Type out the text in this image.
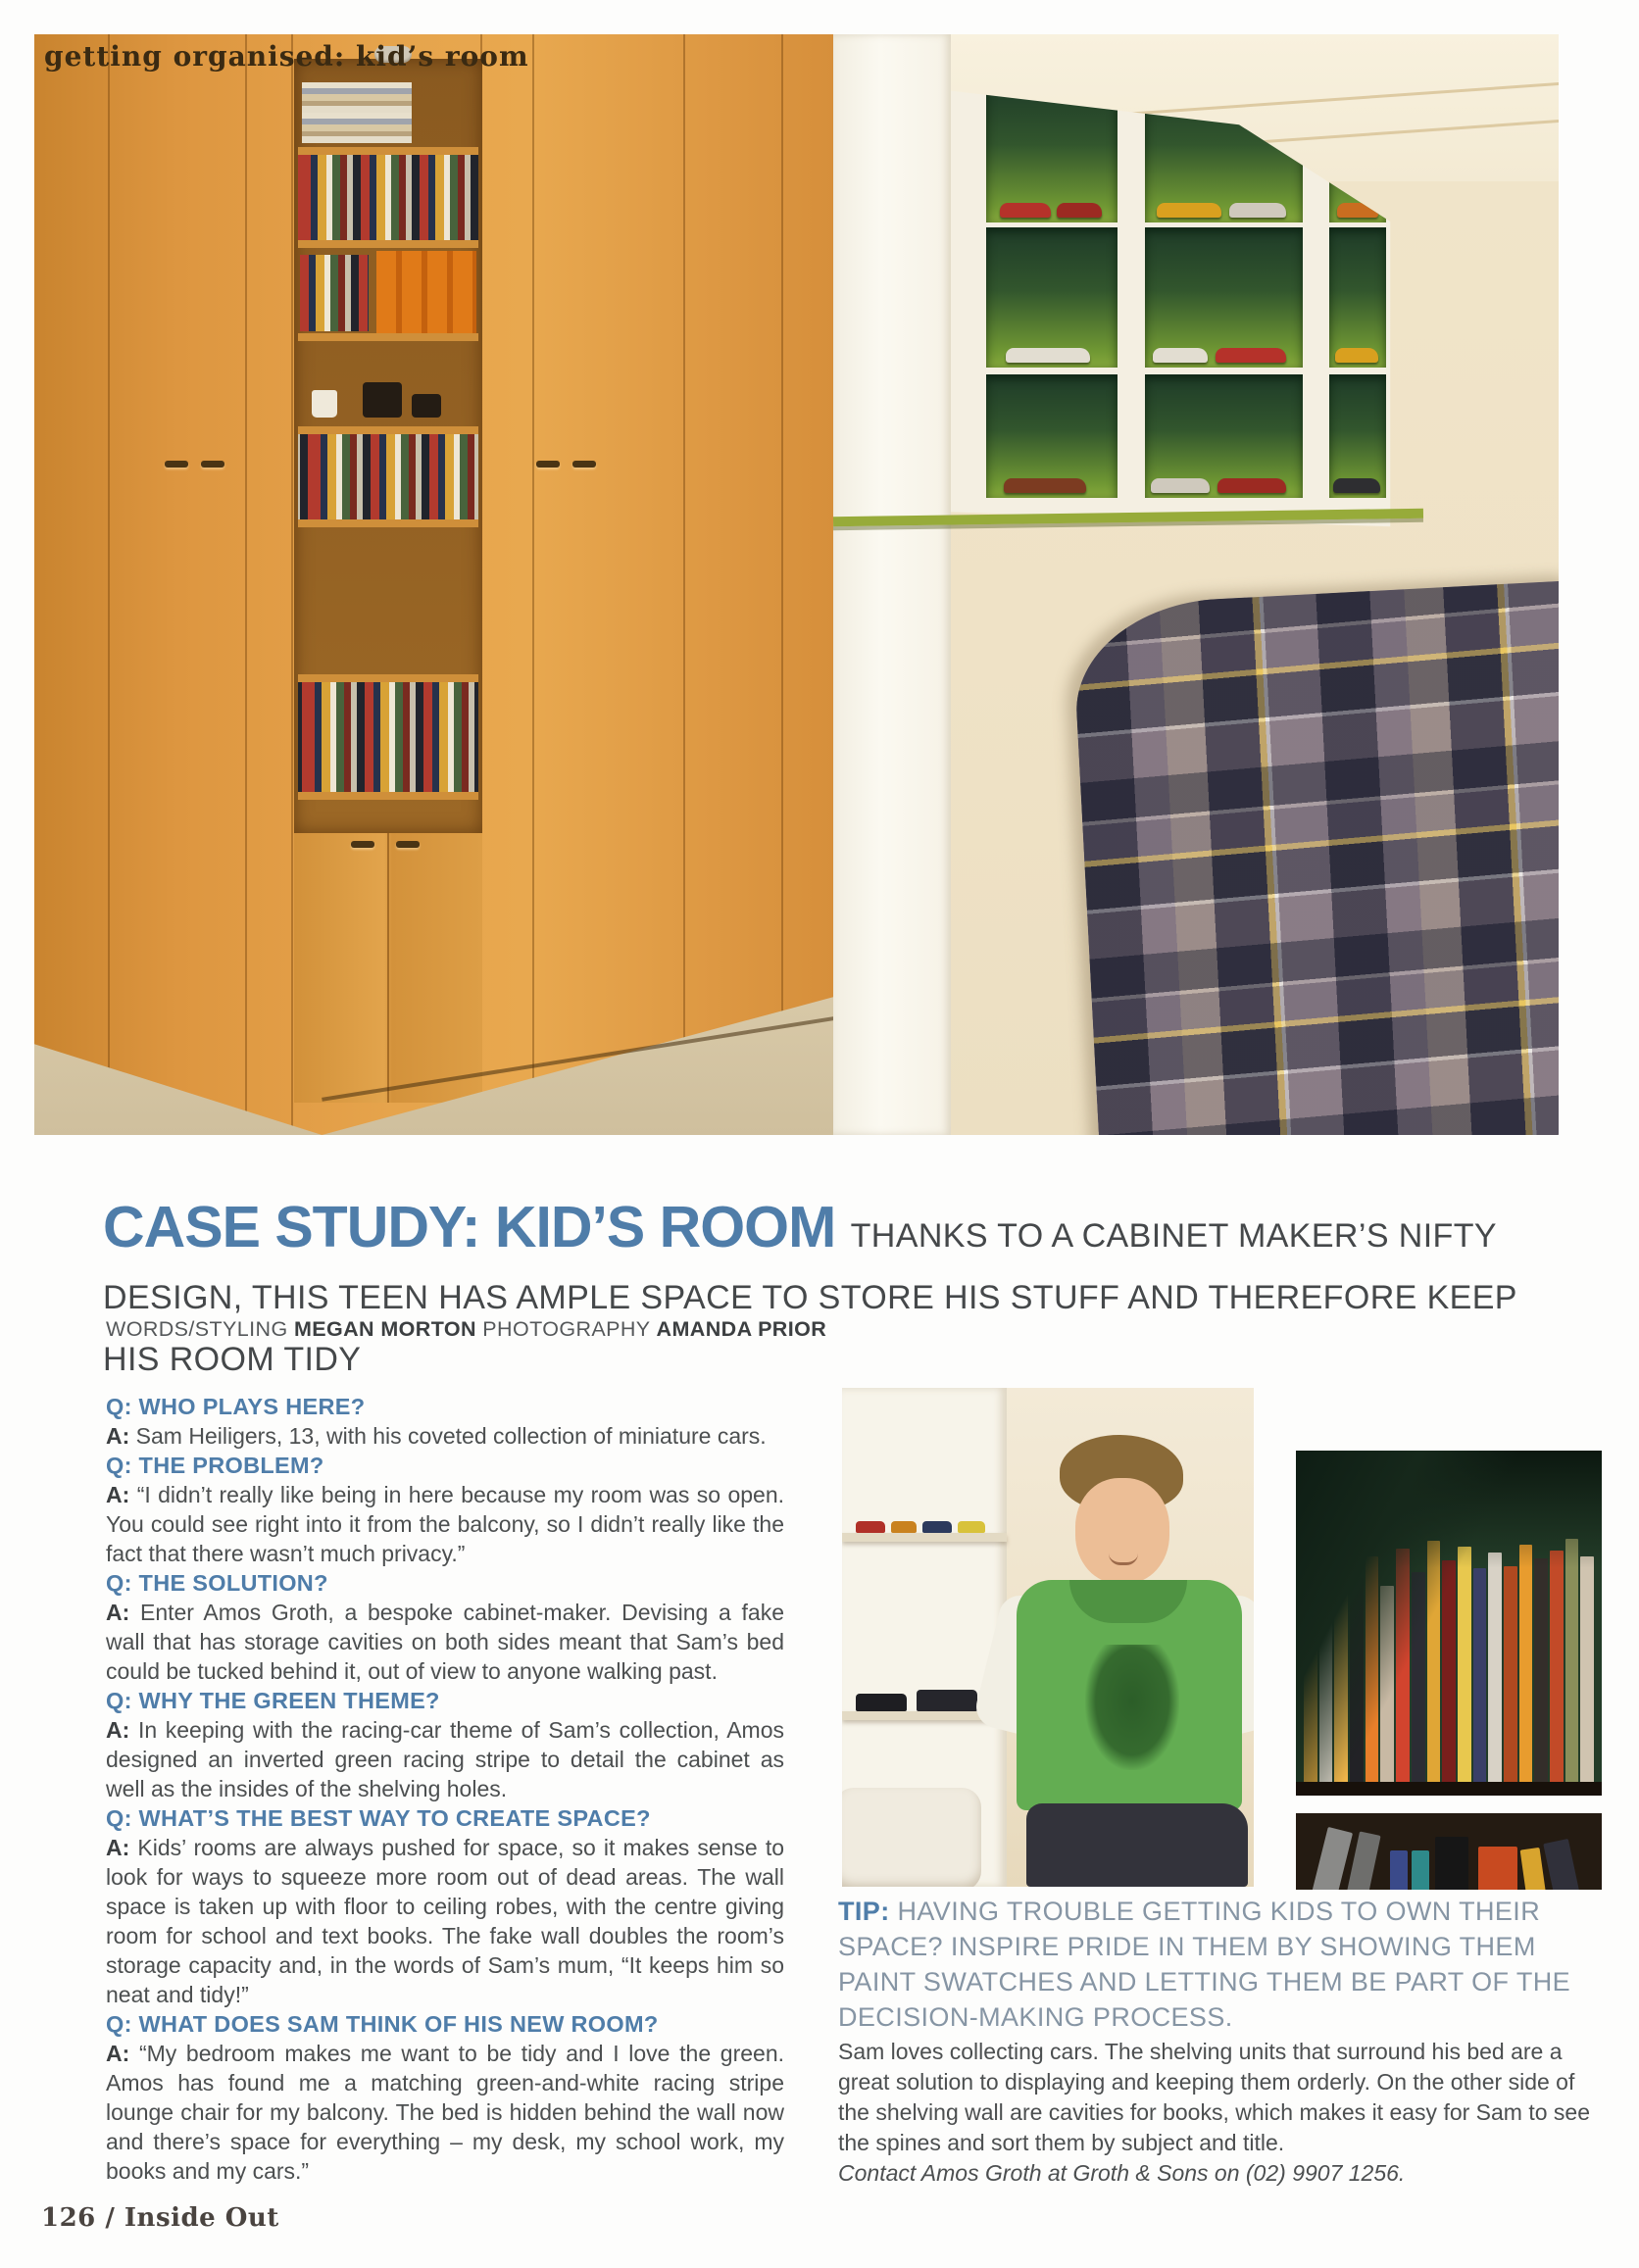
getting organised: kid’s room
CASE STUDY: KID’S ROOM THANKS TO A CABINET MAKER’S NIFTY DESIGN, THIS TEEN HAS AMPLE SPACE TO STORE HIS STUFF AND THEREFORE KEEP HIS ROOM TIDY
WORDS/STYLING MEGAN MORTON PHOTOGRAPHY AMANDA PRIOR

Q: WHO PLAYS HERE?

A: Sam Heiligers, 13, with his coveted collection of miniature cars.

Q: THE PROBLEM?

A: “I didn’t really like being in here because my room was so open. You could see right into it from the balcony, so I didn’t really like the fact that there wasn’t much privacy.”

Q: THE SOLUTION?

A: Enter Amos Groth, a bespoke cabinet-maker. Devising a fake wall that has storage cavities on both sides meant that Sam’s bed could be tucked behind it, out of view to anyone walking past.

Q: WHY THE GREEN THEME?

A: In keeping with the racing-car theme of Sam’s collection, Amos designed an inverted green racing stripe to detail the cabinet as well as the insides of the shelving holes.

Q: WHAT’S THE BEST WAY TO CREATE SPACE?

A: Kids’ rooms are always pushed for space, so it makes sense to look for ways to squeeze more room out of dead areas. The wall space is taken up with floor to ceiling robes, with the centre giving room for school and text books. The fake wall doubles the room’s storage capacity and, in the words of Sam’s mum, “It keeps him so neat and tidy!”

Q: WHAT DOES SAM THINK OF HIS NEW ROOM?

A: “My bedroom makes me want to be tidy and I love the green. Amos has found me a matching green-and-white racing stripe lounge chair for my balcony. The bed is hidden behind the wall now and there’s space for everything – my desk, my school work, my books and my cars.”

TIP: HAVING TROUBLE GETTING KIDS TO OWN THEIR SPACE? INSPIRE PRIDE IN THEM BY SHOWING THEM PAINT SWATCHES AND LETTING THEM BE PART OF THE DECISION-MAKING PROCESS.

Sam loves collecting cars. The shelving units that surround his bed are a great solution to displaying and keeping them orderly. On the other side of the shelving wall are cavities for books, which makes it easy for Sam to see the spines and sort them by subject and title.

Contact Amos Groth at Groth & Sons on (02) 9907 1256.

126 / Inside Out
